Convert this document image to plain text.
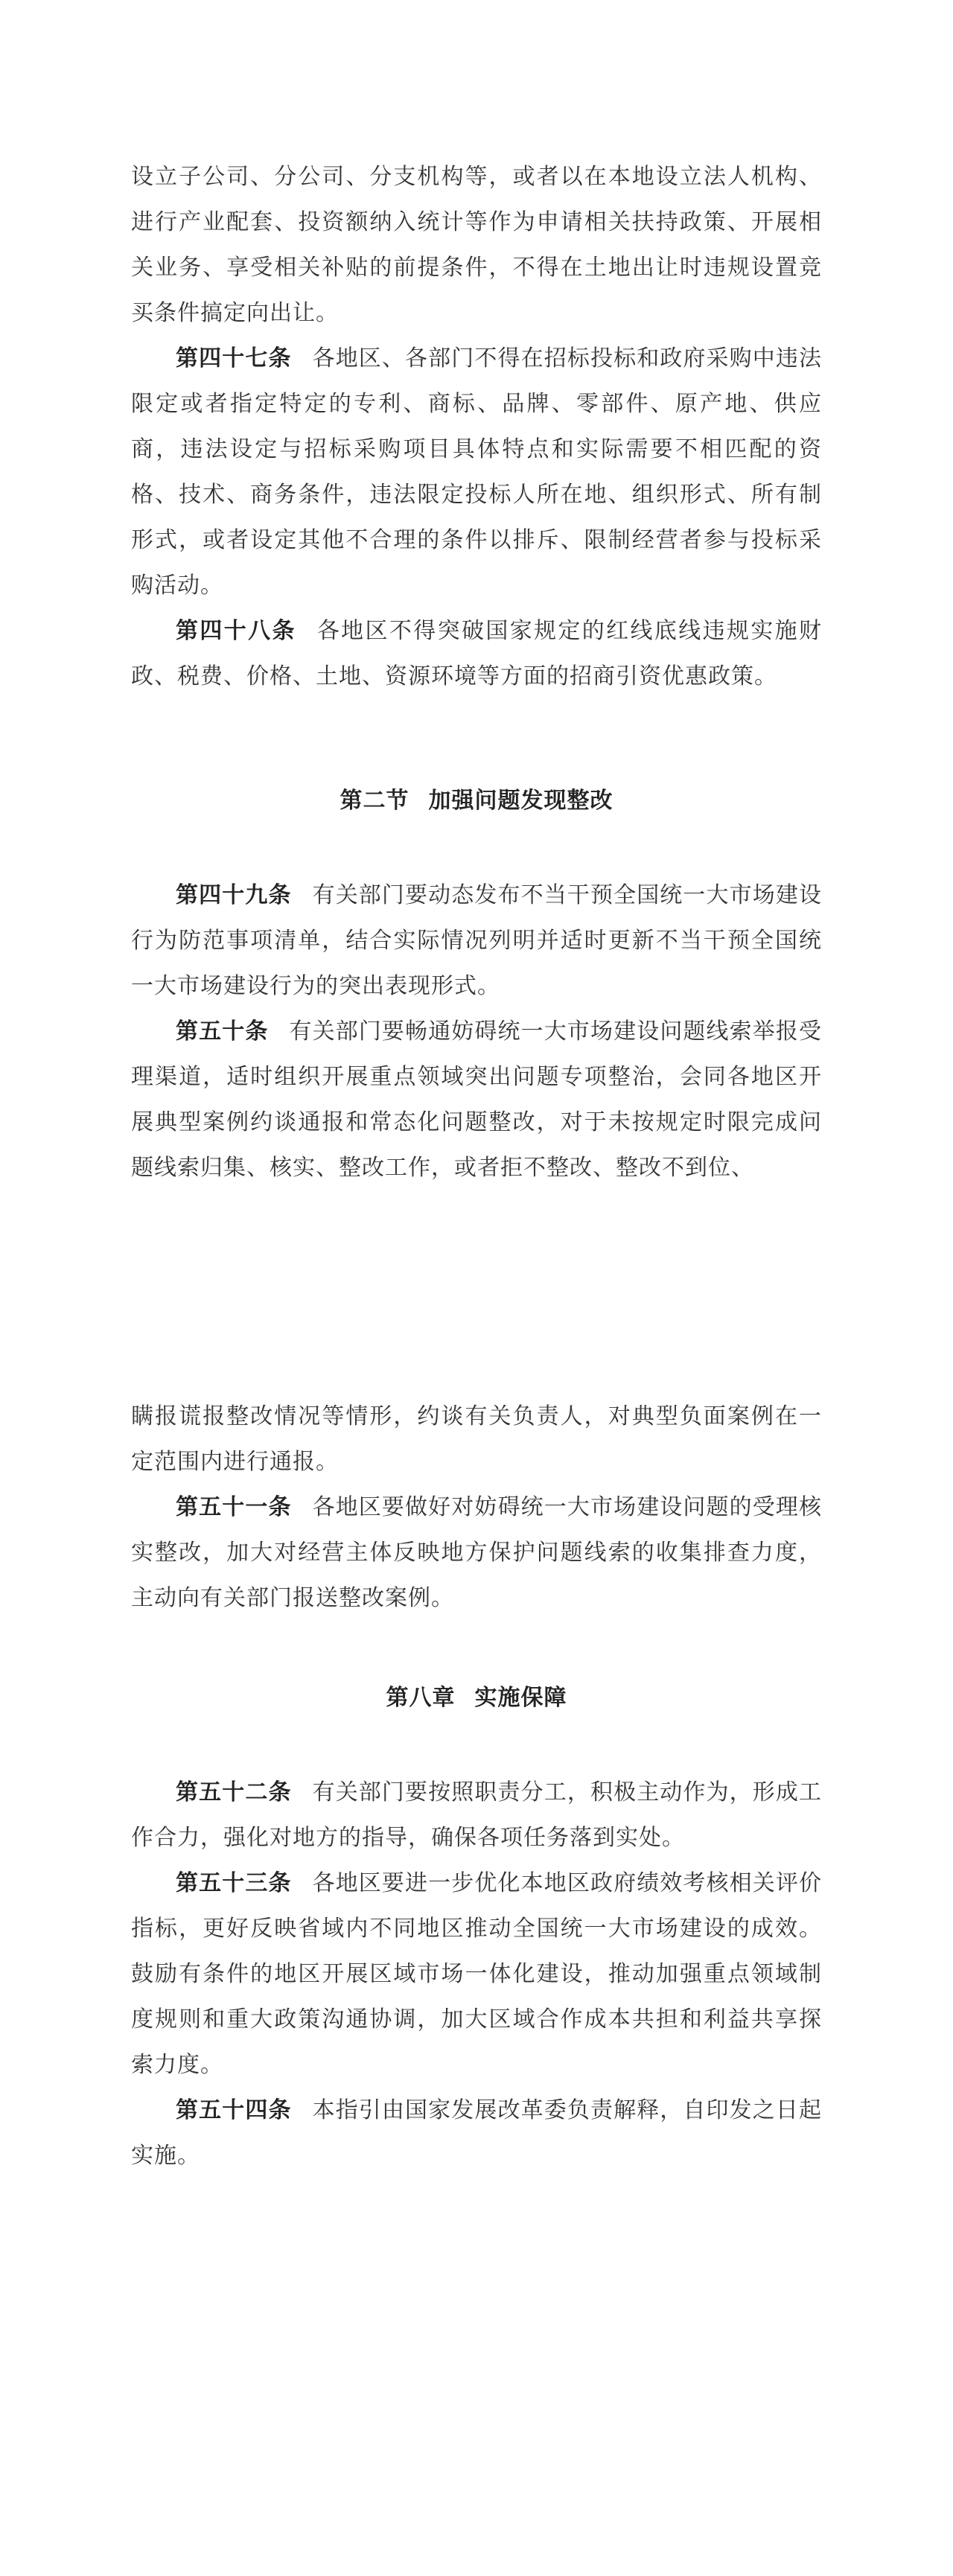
设立子公司、分公司、分支机构等，或者以在本地设立法人机构、进行产业配套、投资额纳入统计等作为申请相关扶持政策、开展相关业务、享受相关补贴的前提条件，不得在土地出让时违规设置竞买条件搞定向出让。

第四十七条 各地区、各部门不得在招标投标和政府采购中违法限定或者指定特定的专利、商标、品牌、零部件、原产地、供应商，违法设定与招标采购项目具体特点和实际需要不相匹配的资格、技术、商务条件，违法限定投标人所在地、组织形式、所有制形式，或者设定其他不合理的条件以排斥、限制经营者参与投标采购活动。

第四十八条 各地区不得突破国家规定的红线底线违规实施财政、税费、价格、土地、资源环境等方面的招商引资优惠政策。

第二节 加强问题发现整改

第四十九条 有关部门要动态发布不当干预全国统一大市场建设行为防范事项清单，结合实际情况列明并适时更新不当干预全国统一大市场建设行为的突出表现形式。

第五十条 有关部门要畅通妨碍统一大市场建设问题线索举报受理渠道，适时组织开展重点领域突出问题专项整治，会同各地区开展典型案例约谈通报和常态化问题整改，对于未按规定时限完成问题线索归集、核实、整改工作，或者拒不整改、整改不到位、

瞒报谎报整改情况等情形，约谈有关负责人，对典型负面案例在一定范围内进行通报。

第五十一条 各地区要做好对妨碍统一大市场建设问题的受理核实整改，加大对经营主体反映地方保护问题线索的收集排查力度，主动向有关部门报送整改案例。

第八章 实施保障

第五十二条 有关部门要按照职责分工，积极主动作为，形成工作合力，强化对地方的指导，确保各项任务落到实处。

第五十三条 各地区要进一步优化本地区政府绩效考核相关评价指标，更好反映省域内不同地区推动全国统一大市场建设的成效。鼓励有条件的地区开展区域市场一体化建设，推动加强重点领域制度规则和重大政策沟通协调，加大区域合作成本共担和利益共享探索力度。

第五十四条 本指引由国家发展改革委负责解释，自印发之日起实施。
